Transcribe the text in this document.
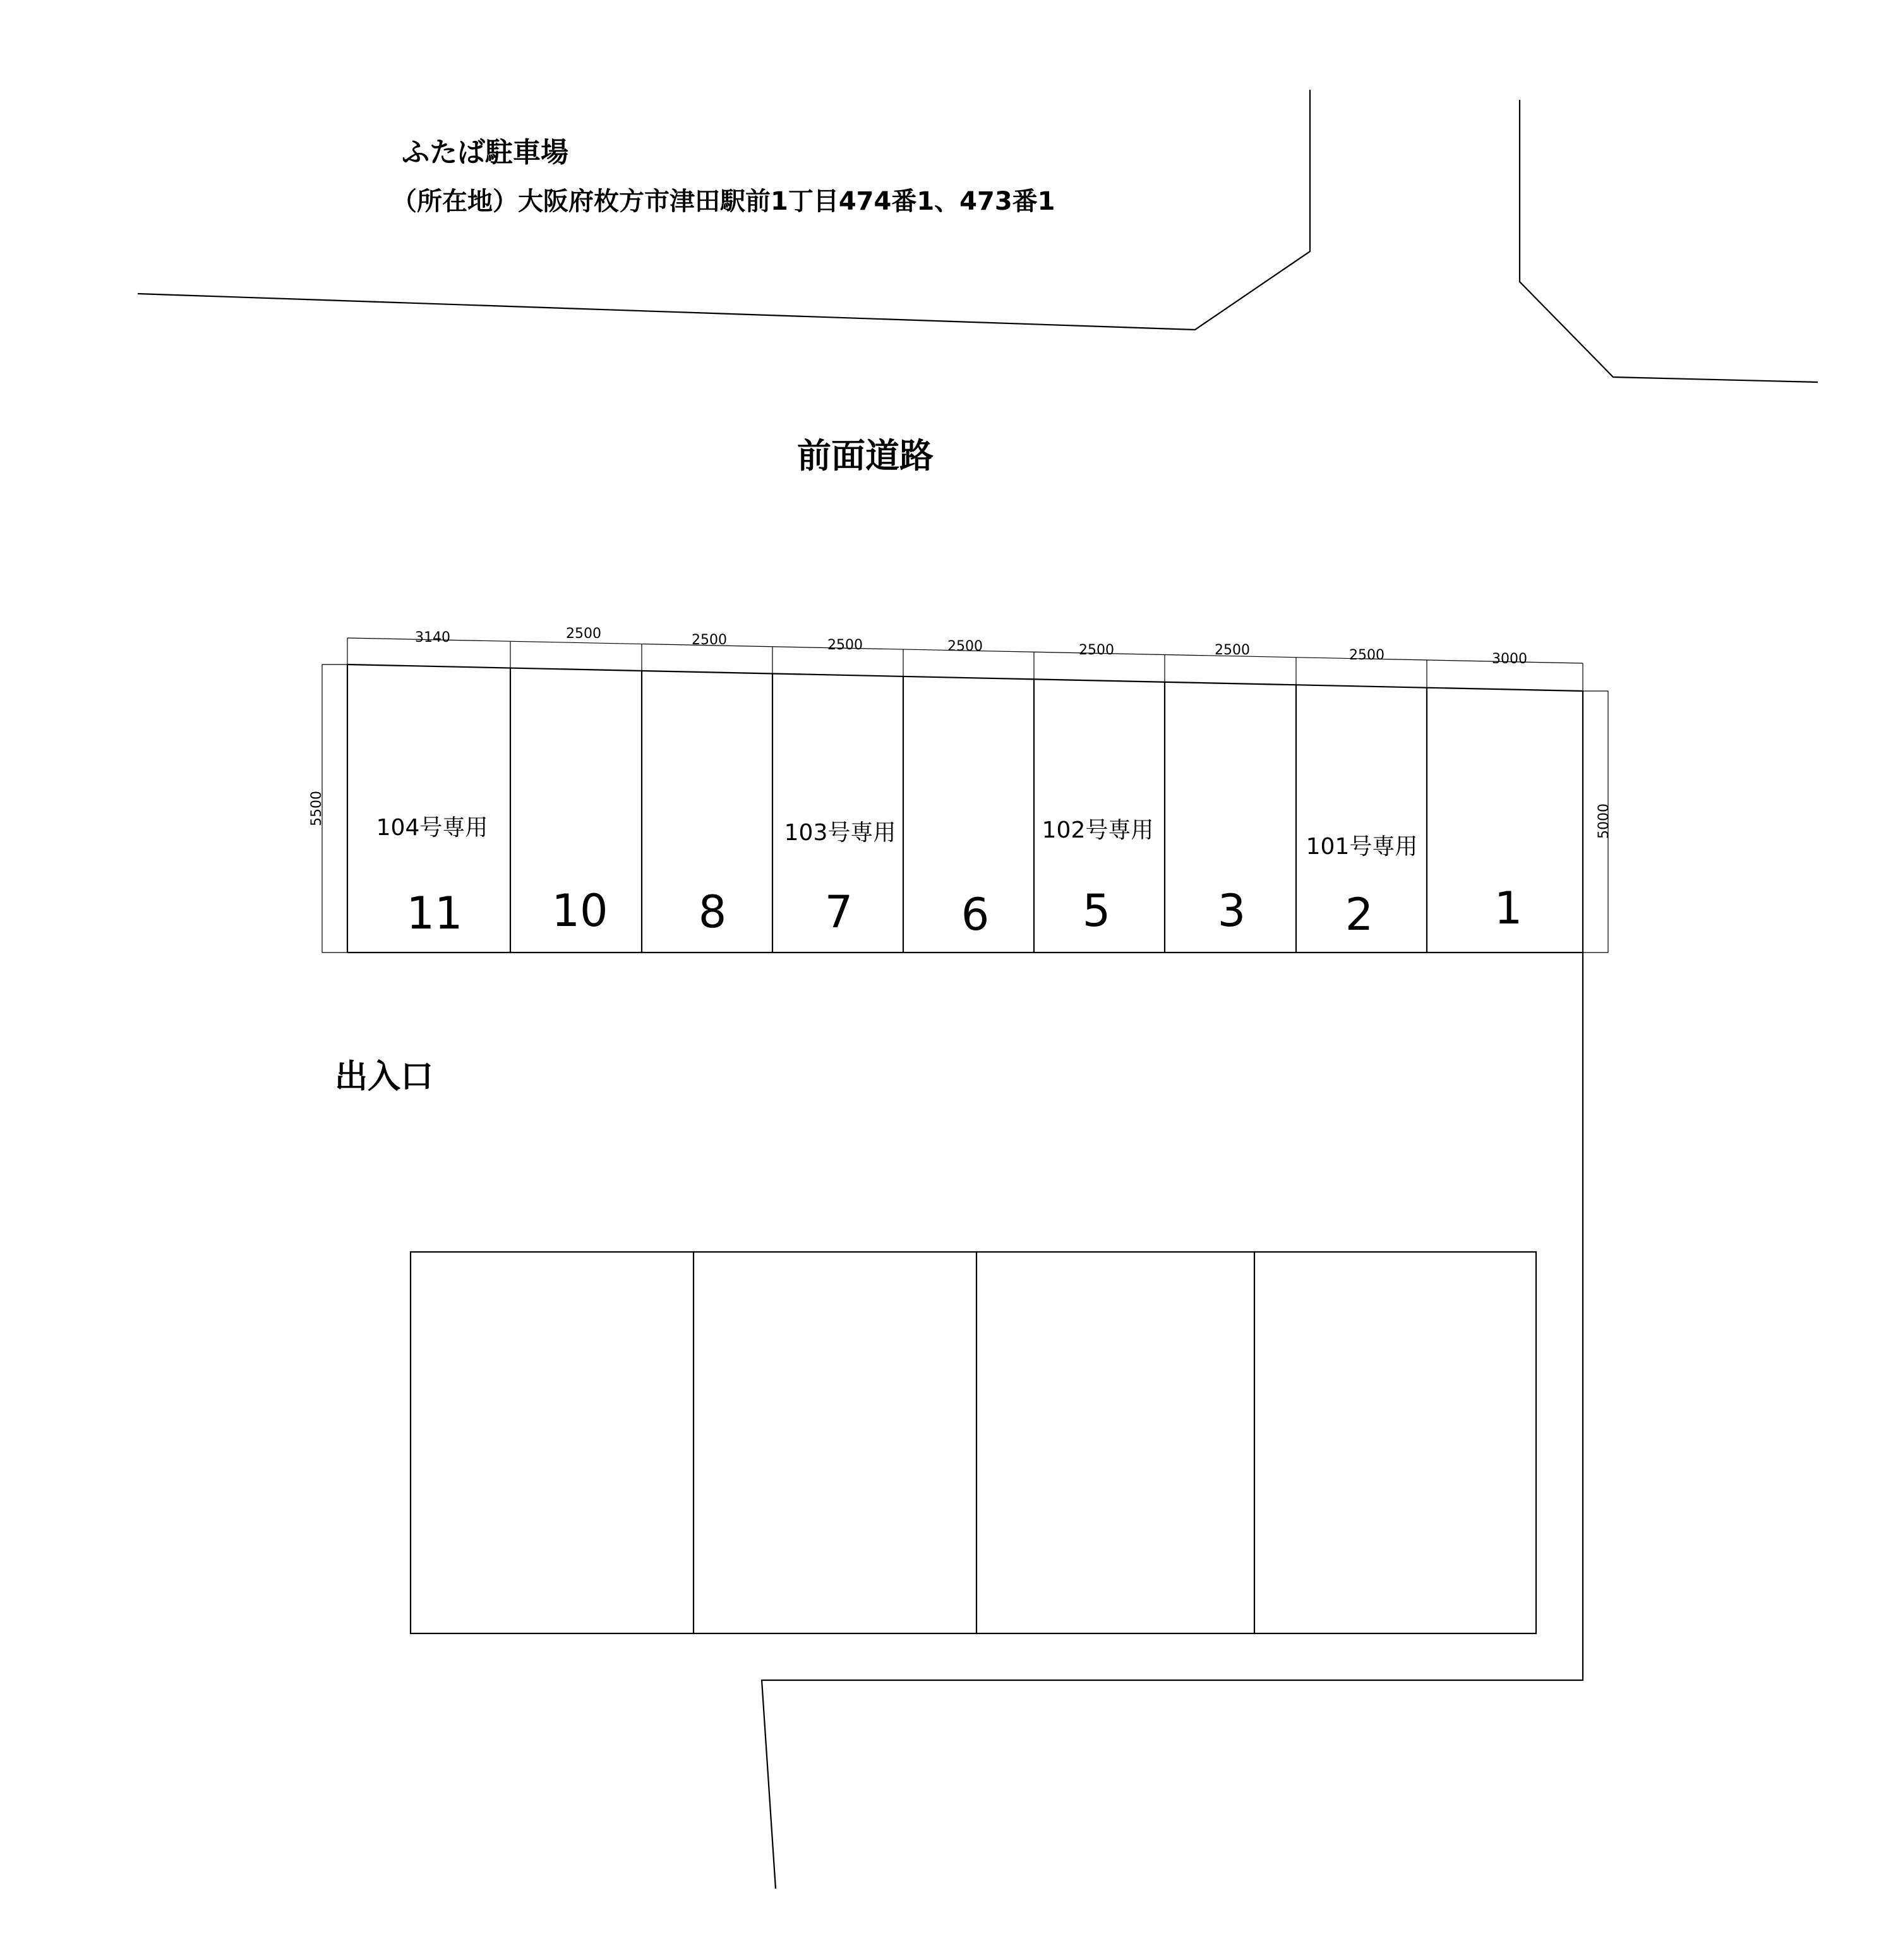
ふたば駐車場
（所在地）大阪府枚方市津田駅前1丁目474番1、473番1
前面道路
3140	2500	2500	2500	2500	2500	2500	2500	3000
5500	5000
104号専用	103号専用	102号専用
101号専用
11 10 8 7 6 5 3 2	1
出入口
